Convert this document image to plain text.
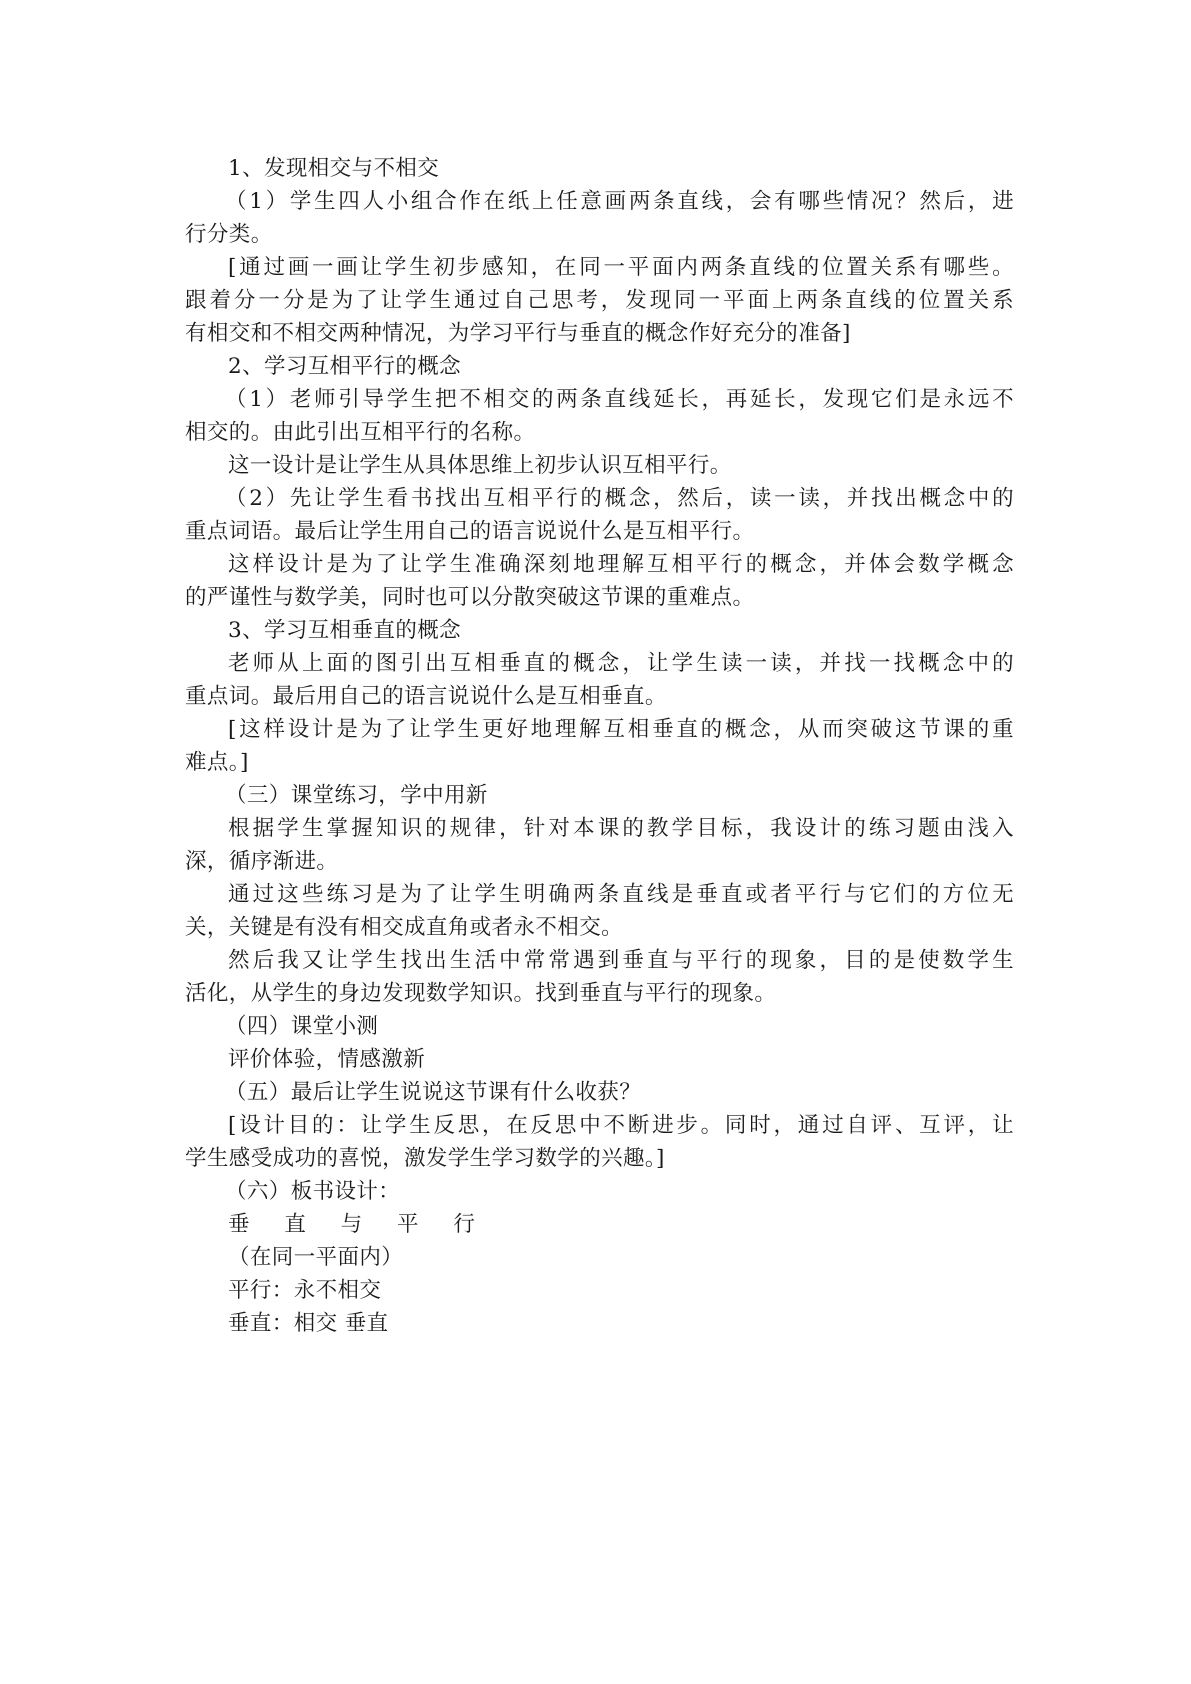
1、发现相交与不相交
（1）学生四人小组合作在纸上任意画两条直线，会有哪些情况？然后，进
行分类。
[通过画一画让学生初步感知，在同一平面内两条直线的位置关系有哪些。
跟着分一分是为了让学生通过自己思考，发现同一平面上两条直线的位置关系
有相交和不相交两种情况，为学习平行与垂直的概念作好充分的准备]
2、学习互相平行的概念
（1）老师引导学生把不相交的两条直线延长，再延长，发现它们是永远不
相交的。由此引出互相平行的名称。
这一设计是让学生从具体思维上初步认识互相平行。
（2）先让学生看书找出互相平行的概念，然后，读一读，并找出概念中的
重点词语。最后让学生用自己的语言说说什么是互相平行。
这样设计是为了让学生准确深刻地理解互相平行的概念，并体会数学概念
的严谨性与数学美，同时也可以分散突破这节课的重难点。
3、学习互相垂直的概念
老师从上面的图引出互相垂直的概念，让学生读一读，并找一找概念中的
重点词。最后用自己的语言说说什么是互相垂直。
[这样设计是为了让学生更好地理解互相垂直的概念，从而突破这节课的重
难点。]
（三）课堂练习，学中用新
根据学生掌握知识的规律，针对本课的教学目标，我设计的练习题由浅入
深，循序渐进。
通过这些练习是为了让学生明确两条直线是垂直或者平行与它们的方位无
关，关键是有没有相交成直角或者永不相交。
然后我又让学生找出生活中常常遇到垂直与平行的现象，目的是使数学生
活化，从学生的身边发现数学知识。找到垂直与平行的现象。
（四）课堂小测
评价体验，情感激新
（五）最后让学生说说这节课有什么收获？
[设计目的：让学生反思，在反思中不断进步。同时，通过自评、互评，让
学生感受成功的喜悦，激发学生学习数学的兴趣。]
（六）板书设计：
垂 直 与 平 行
（在同一平面内）
平行：永不相交
垂直：相交 垂直
